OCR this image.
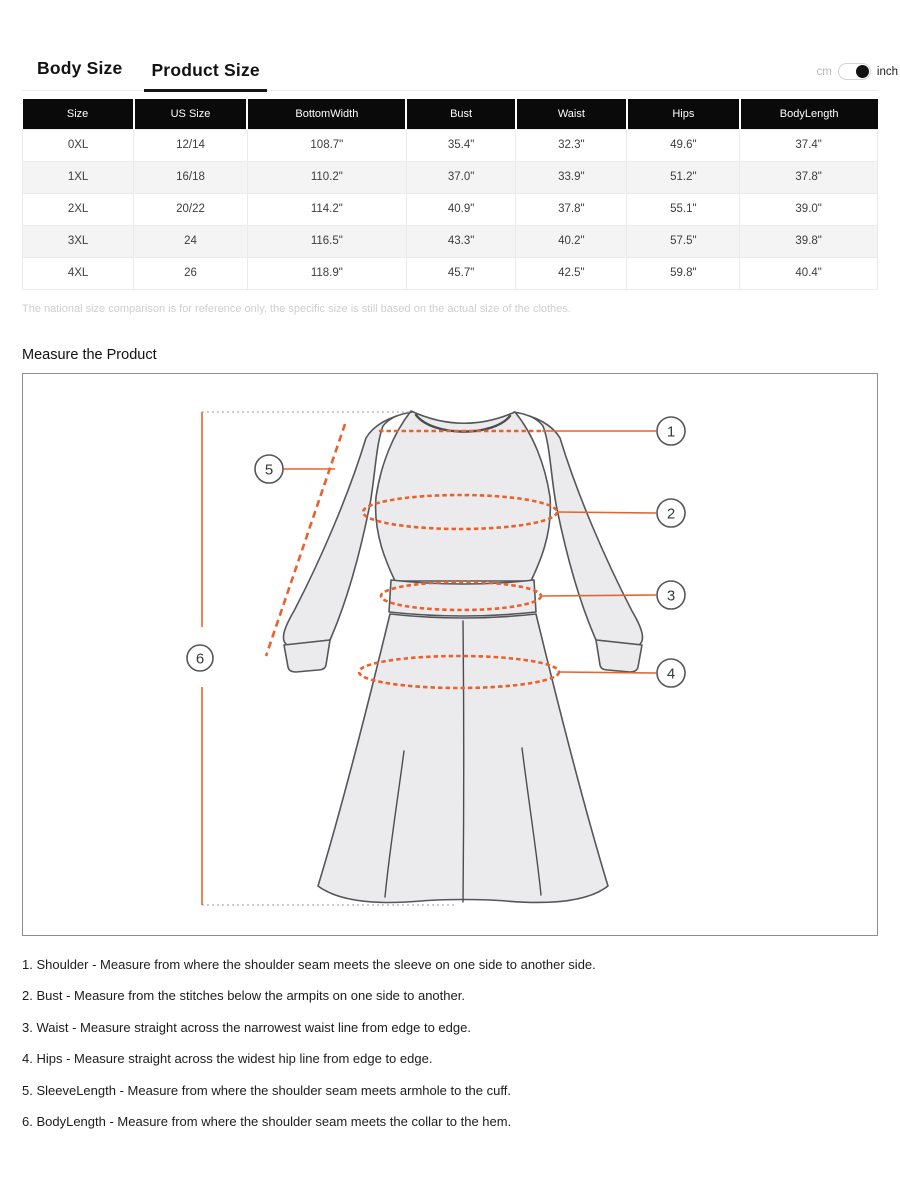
Body Size	Product Size	cm	inch
Size	US Size	BottomWidth	Bust	Waist	Hips	BodyLength
0XL	12/14	108.7"	35.4"	32.3"	49.6"	37.4"
1XL	16/18	110.2"	37.0"	33.9"	51.2"	37.8"
2XL	20/22	114.2"	40.9"	37.8"	55.1"	39.0"
3XL	24	116.5"	43.3"	40.2"	57.5"	39.8"
4XL	26	118.9"	45.7"	42.5"	59.8"	40.4"
The national size comparison is for reference only, the specific size is still based on the actual size of the clothes.
Measure the Product
1
2
3
4
5
6
1. Shoulder - Measure from where the shoulder seam meets the sleeve on one side to another side.
2. Bust - Measure from the stitches below the armpits on one side to another.
3. Waist - Measure straight across the narrowest waist line from edge to edge.
4. Hips - Measure straight across the widest hip line from edge to edge.
5. SleeveLength - Measure from where the shoulder seam meets armhole to the cuff.
6. BodyLength - Measure from where the shoulder seam meets the collar to the hem.
